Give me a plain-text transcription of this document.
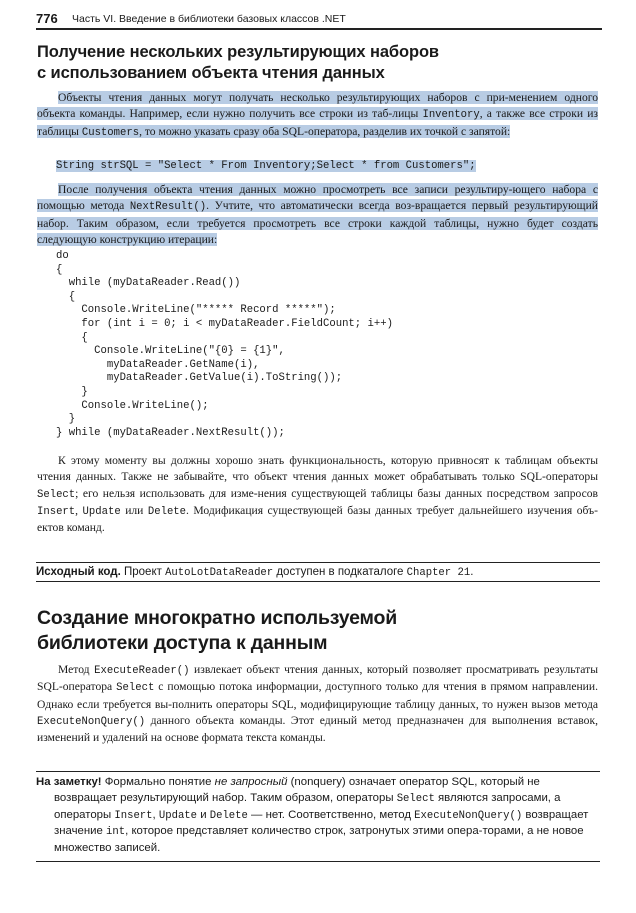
776 Часть VI. Введение в библиотеки базовых классов .NET
Получение нескольких результирующих наборов
с использованием объекта чтения данных

Объекты чтения данных могут получать несколько результирующих наборов с при-менением одного объекта команды. Например, если нужно получить все строки из таб-лицы Inventory, а также все строки из таблицы Customers, то можно указать сразу оба SQL-оператора, разделив их точкой с запятой:

String strSQL = "Select * From Inventory;Select * from Customers";

После получения объекта чтения данных можно просмотреть все записи результиру-ющего набора с помощью метода NextResult(). Учтите, что автоматически всегда воз-вращается первый результирующий набор. Таким образом, если требуется просмотреть все строки каждой таблицы, нужно будет создать следующую конструкцию итерации:

do
{
while (myDataReader.Read())
{
Console.WriteLine("***** Record *****");
for (int i = 0; i < myDataReader.FieldCount; i++)
{
Console.WriteLine("{0} = {1}",
myDataReader.GetName(i),
myDataReader.GetValue(i).ToString());
}
Console.WriteLine();
}
} while (myDataReader.NextResult());

К этому моменту вы должны хорошо знать функциональность, которую привносят к таблицам объекты чтения данных. Также не забывайте, что объект чтения данных может обрабатывать только SQL-операторы Select; его нельзя использовать для изме-нения существующей таблицы базы данных посредством запросов Insert, Update или Delete. Модификация существующей базы данных требует дальнейшего изучения объ-ектов команд.

Исходный код. Проект AutoLotDataReader доступен в подкаталоге Chapter 21.
Создание многократно используемой
библиотеки доступа к данным

Метод ExecuteReader() извлекает объект чтения данных, который позволяет просматривать результаты SQL-оператора Select с помощью потока информации, доступного только для чтения в прямом направлении. Однако если требуется вы-полнить операторы SQL, модифицирующие таблицу данных, то нужен вызов метода ExecuteNonQuery() данного объекта команды. Этот единый метод предназначен для выполнения вставок, изменений и удалений на основе формата текста команды.

На заметку! Формально понятие не запросный (nonquery) означает оператор SQL, который не возвращает результирующий набор. Таким образом, операторы Select являются запросами, а операторы Insert, Update и Delete — нет. Соответственно, метод ExecuteNonQuery() возвращает значение int, которое представляет количество строк, затронутых этими опера-торами, а не новое множество записей.
